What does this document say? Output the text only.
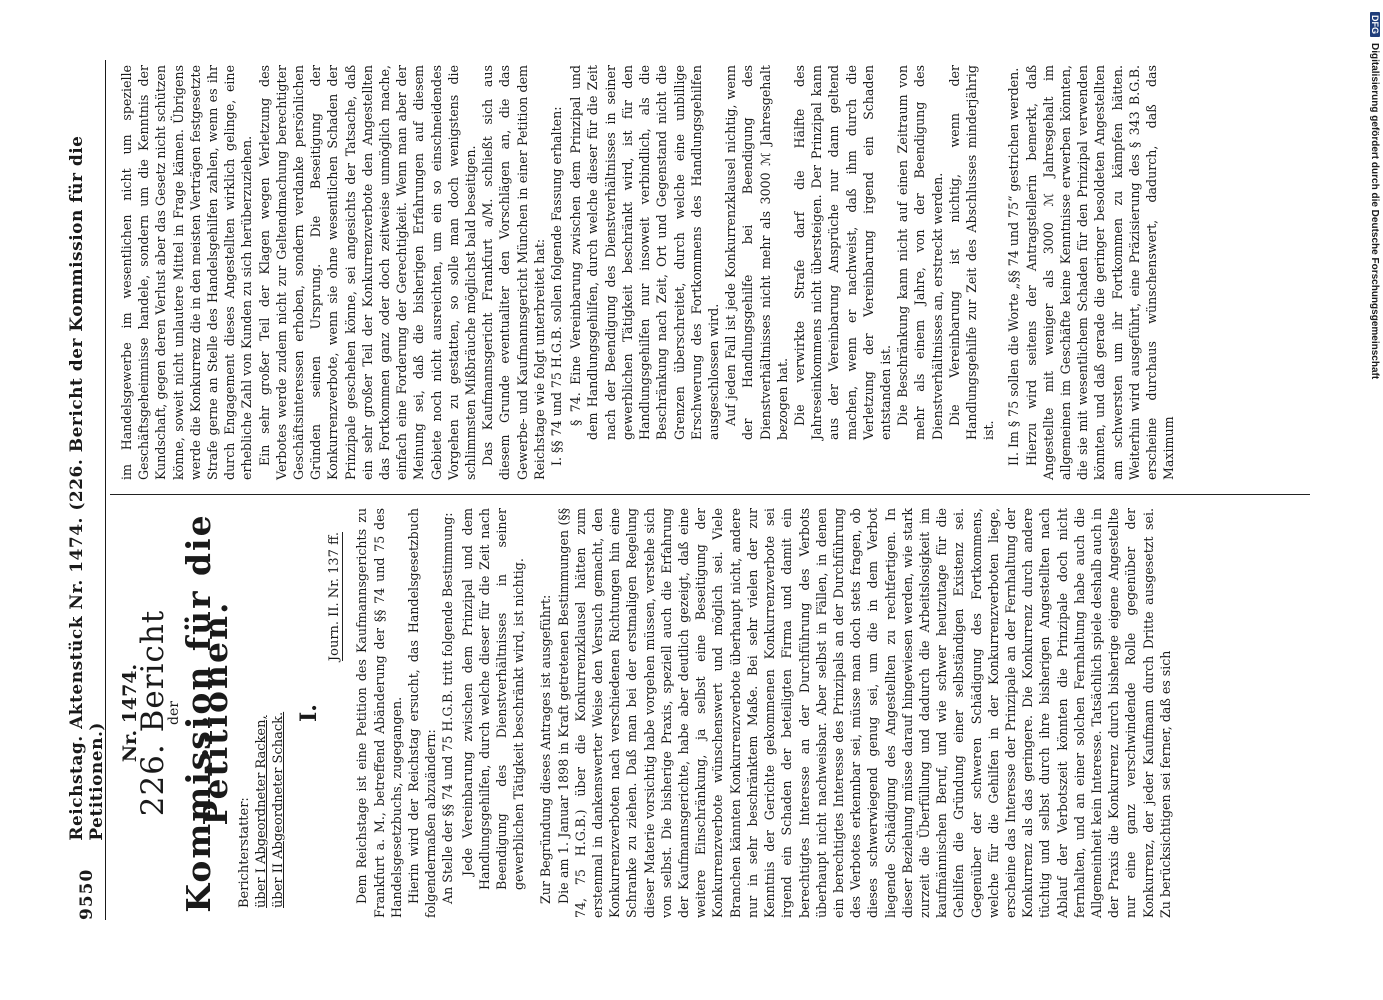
9550
Reichstag. Aktenstück Nr. 1474. (226. Bericht der Kommission für die Petitionen.)
Nr. 1474.
226. Bericht
der
Kommission für die Petitionen.
Berichterstatter: über I Abgeordneter Racken, über II Abgeordneter Schack. I.
Journ. II. Nr. 137 ff. Dem Reichstage ist eine Petition des Kaufmannsgerichts zu Frankfurt a. M., betreffend Abänderung der §§ 74 und 75 des Handelsgesetzbuchs, zugegangen. Hierin wird der Reichstag ersucht, das Handelsgesetzbuch folgendermaßen abzuändern: An Stelle der §§ 74 und 75 H.G.B. tritt folgende Bestimmung: Jede Vereinbarung zwischen dem Prinzipal und dem Handlungsgehilfen, durch welche dieser für die Zeit nach Beendigung des Dienstverhältnisses in seiner gewerblichen Tätigkeit beschränkt wird, ist nichtig. Zur Begründung dieses Antrages ist ausgeführt: Die am 1. Januar 1898 in Kraft getretenen Bestimmungen (§§ 74, 75 H.G.B.) über die Konkurrenzklausel hätten zum erstenmal in dankenswerter Weise den Versuch gemacht, den Konkurrenzverboten nach verschiedenen Richtungen hin eine Schranke zu ziehen. Daß man bei der erstmaligen Regelung dieser Materie vorsichtig habe vorgehen müssen, verstehe sich von selbst. Die bisherige Praxis, speziell auch die Erfahrung der Kaufmannsgerichte, habe aber deutlich gezeigt, daß eine weitere Einschränkung, ja selbst eine Beseitigung der Konkurrenzverbote wünschenswert und möglich sei. Viele Branchen kännten Konkurrenzverbote überhaupt nicht, andere nur in sehr beschränktem Maße. Bei sehr vielen der zur Kenntnis der Gerichte gekommenen Konkurrenzverbote sei irgend ein Schaden der beteiligten Firma und damit ein berechtigtes Interesse an der Durchführung des Verbots überhaupt nicht nachweisbar. Aber selbst in Fällen, in denen ein berechtigtes Interesse des Prinzipals an der Durchführung des Verbotes erkennbar sei, müsse man doch stets fragen, ob dieses schwerwiegend genug sei, um die in dem Verbot liegende Schädigung des Angestellten zu rechtfertigen. In dieser Beziehung müsse darauf hingewiesen werden, wie stark zurzeit die Überfüllung und dadurch die Arbeitslosigkeit im kaufmännischen Beruf, und wie schwer heutzutage für die Gehilfen die Gründung einer selbständigen Existenz sei. Gegenüber der schweren Schädigung des Fortkommens, welche für die Gehilfen in der Konkurrenzverboten liege, erscheine das Interesse der Prinzipale an der Fernhaltung der Konkurrenz als das geringere. Die Konkurrenz durch andere tüchtig und selbst durch ihre bisherigen Angestellten nach Ablauf der Verbotszeit könnten die Prinzipale doch nicht fernhalten, und an einer solchen Fernhaltung habe auch die Allgemeinheit kein Interesse. Tatsächlich spiele deshalb auch in der Praxis die Konkurrenz durch bisherige eigene Angestellte nur eine ganz verschwindende Rolle gegenüber der Konkurrenz, der jeder Kaufmann durch Dritte ausgesetzt sei. Zu berücksichtigen sei ferner, daß es sich

im Handelsgewerbe im wesentlichen nicht um spezielle Geschäftsgeheimnisse handele, sondern um die Kenntnis der Kundschaft, gegen deren Verlust aber das Gesetz nicht schützen könne, soweit nicht unlautere Mittel in Frage kämen. Übrigens werde die Konkurrenz die in den meisten Verträgen festgesetzte Strafe gerne an Stelle des Handelsgehilfen zahlen, wenn es ihr durch Engagement dieses Angestellten wirklich gelinge, eine erhebliche Zahl von Kunden zu sich herüberzuziehen. Ein sehr großer Teil der Klagen wegen Verletzung des Verbotes werde zudem nicht zur Geltendmachung berechtigter Geschäftsinteressen erhoben, sondern verdanke persönlichen Gründen seinen Ursprung. Die Beseitigung der Konkurrenzverbote, wenn sie ohne wesentlichen Schaden der Prinzipale geschehen könne, sei angesichts der Tatsache, daß ein sehr großer Teil der Konkurrenzverbote den Angestellten das Fortkommen ganz oder doch zeitweise unmöglich mache, einfach eine Forderung der Gerechtigkeit. Wenn man aber der Meinung sei, daß die bisherigen Erfahrungen auf diesem Gebiete noch nicht ausreichten, um ein so einschneidendes Vorgehen zu gestatten, so solle man doch wenigstens die schlimmsten Mißbräuche möglichst bald beseitigen. Das Kaufmannsgericht Frankfurt a/M. schließt sich aus diesem Grunde eventualiter den Vorschlägen an, die das Gewerbe- und Kaufmannsgericht München in einer Petition dem Reichstage wie folgt unterbreitet hat: I. §§ 74 und 75 H.G.B. sollen folgende Fassung erhalten: § 74. Eine Vereinbarung zwischen dem Prinzipal und dem Handlungsgehilfen, durch welche dieser für die Zeit nach der Beendigung des Dienstverhältnisses in seiner gewerblichen Tätigkeit beschränkt wird, ist für den Handlungsgehilfen nur insoweit verbindlich, als die Beschränkung nach Zeit, Ort und Gegenstand nicht die Grenzen überschreitet, durch welche eine unbillige Erschwerung des Fortkommens des Handlungsgehilfen ausgeschlossen wird. Auf jeden Fall ist jede Konkurrenzklausel nichtig, wenn der Handlungsgehilfe bei Beendigung des Dienstverhältnisses nicht mehr als 3000 ℳ Jahresgehalt bezogen hat. Die verwirkte Strafe darf die Hälfte des Jahreseinkommens nicht übersteigen. Der Prinzipal kann aus der Vereinbarung Ansprüche nur dann geltend machen, wenn er nachweist, daß ihm durch die Verletzung der Vereinbarung irgend ein Schaden entstanden ist. Die Beschränkung kann nicht auf einen Zeitraum von mehr als einem Jahre, von der Beendigung des Dienstverhältnisses an, erstreckt werden. Die Vereinbarung ist nichtig, wenn der Handlungsgehilfe zur Zeit des Abschlusses minderjährig ist. II. Im § 75 sollen die Worte „§§ 74 und 75“ gestrichen werden. Hierzu wird seitens der Antragstellerin bemerkt, daß Angestellte mit weniger als 3000 ℳ Jahresgehalt im allgemeinen im Geschäfte keine Kenntnisse erwerben könnten, die sie mit wesentlichem Schaden für den Prinzipal verwenden könnten, und daß gerade die geringer besoldeten Angestellten am schwersten um ihr Fortkommen zu kämpfen hätten. Weiterhin wird ausgeführt, eine Präzisierung des § 343 B.G.B. erscheine durchaus wünschenswert, dadurch, daß das Maximum

DFG
Digitalisierung gefördert durch die Deutsche Forschungsgemeinschaft
